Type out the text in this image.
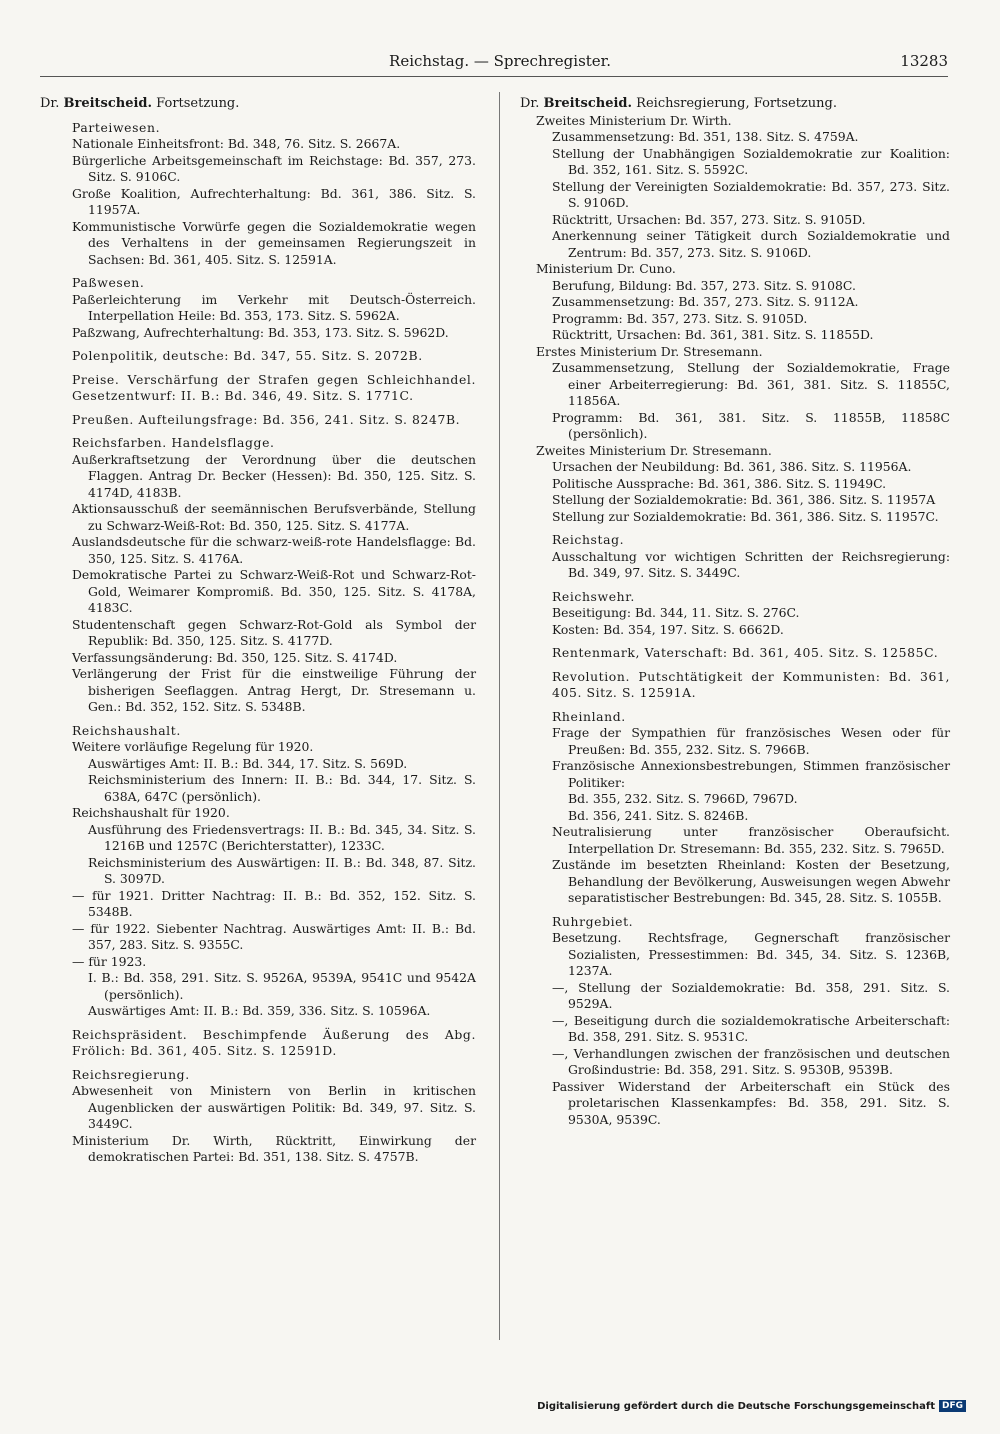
Reichstag. — Sprechregister.	13283

Dr. Breitscheid. Fortsetzung.

Parteiwesen.

Nationale Einheitsfront: Bd. 348, 76. Sitz. S. 2667A.

Bürgerliche Arbeitsgemeinschaft im Reichstage: Bd. 357, 273. Sitz. S. 9106C.

Große Koalition, Aufrechterhaltung: Bd. 361, 386. Sitz. S. 11957A.

Kommunistische Vorwürfe gegen die Sozialdemokratie wegen des Verhaltens in der gemeinsamen Regierungszeit in Sachsen: Bd. 361, 405. Sitz. S. 12591A.

Paßwesen.

Paßerleichterung im Verkehr mit Deutsch-Österreich. Interpellation Heile: Bd. 353, 173. Sitz. S. 5962A.

Paßzwang, Aufrechterhaltung: Bd. 353, 173. Sitz. S. 5962D.

Polenpolitik, deutsche: Bd. 347, 55. Sitz. S. 2072B.

Preise. Verschärfung der Strafen gegen Schleichhandel. Gesetzentwurf: II. B.: Bd. 346, 49. Sitz. S. 1771C.

Preußen. Aufteilungsfrage: Bd. 356, 241. Sitz. S. 8247B.

Reichsfarben. Handelsflagge.

Außerkraftsetzung der Verordnung über die deutschen Flaggen. Antrag Dr. Becker (Hessen): Bd. 350, 125. Sitz. S. 4174D, 4183B.

Aktionsausschuß der seemännischen Berufsverbände, Stellung zu Schwarz-Weiß-Rot: Bd. 350, 125. Sitz. S. 4177A.

Auslandsdeutsche für die schwarz-weiß-rote Handelsflagge: Bd. 350, 125. Sitz. S. 4176A.

Demokratische Partei zu Schwarz-Weiß-Rot und Schwarz-Rot-Gold, Weimarer Kompromiß. Bd. 350, 125. Sitz. S. 4178A, 4183C.

Studentenschaft gegen Schwarz-Rot-Gold als Symbol der Republik: Bd. 350, 125. Sitz. S. 4177D.

Verfassungsänderung: Bd. 350, 125. Sitz. S. 4174D.

Verlängerung der Frist für die einstweilige Führung der bisherigen Seeflaggen. Antrag Hergt, Dr. Stresemann u. Gen.: Bd. 352, 152. Sitz. S. 5348B.

Reichshaushalt.

Weitere vorläufige Regelung für 1920.

Auswärtiges Amt: II. B.: Bd. 344, 17. Sitz. S. 569D.

Reichsministerium des Innern: II. B.: Bd. 344, 17. Sitz. S. 638A, 647C (persönlich).

Reichshaushalt für 1920.

Ausführung des Friedensvertrags: II. B.: Bd. 345, 34. Sitz. S. 1216B und 1257C (Berichterstatter), 1233C.

Reichsministerium des Auswärtigen: II. B.: Bd. 348, 87. Sitz. S. 3097D.

— für 1921. Dritter Nachtrag: II. B.: Bd. 352, 152. Sitz. S. 5348B.

— für 1922. Siebenter Nachtrag. Auswärtiges Amt: II. B.: Bd. 357, 283. Sitz. S. 9355C.

— für 1923.

I. B.: Bd. 358, 291. Sitz. S. 9526A, 9539A, 9541C und 9542A (persönlich).

Auswärtiges Amt: II. B.: Bd. 359, 336. Sitz. S. 10596A.

Reichspräsident. Beschimpfende Äußerung des Abg. Frölich: Bd. 361, 405. Sitz. S. 12591D.

Reichsregierung.

Abwesenheit von Ministern von Berlin in kritischen Augenblicken der auswärtigen Politik: Bd. 349, 97. Sitz. S. 3449C.

Ministerium Dr. Wirth, Rücktritt, Einwirkung der demokratischen Partei: Bd. 351, 138. Sitz. S. 4757B.

Dr. Breitscheid. Reichsregierung, Fortsetzung.

Zweites Ministerium Dr. Wirth.

Zusammensetzung: Bd. 351, 138. Sitz. S. 4759A.

Stellung der Unabhängigen Sozialdemokratie zur Koalition: Bd. 352, 161. Sitz. S. 5592C.

Stellung der Vereinigten Sozialdemokratie: Bd. 357, 273. Sitz. S. 9106D.

Rücktritt, Ursachen: Bd. 357, 273. Sitz. S. 9105D.

Anerkennung seiner Tätigkeit durch Sozialdemokratie und Zentrum: Bd. 357, 273. Sitz. S. 9106D.

Ministerium Dr. Cuno.

Berufung, Bildung: Bd. 357, 273. Sitz. S. 9108C.

Zusammensetzung: Bd. 357, 273. Sitz. S. 9112A.

Programm: Bd. 357, 273. Sitz. S. 9105D.

Rücktritt, Ursachen: Bd. 361, 381. Sitz. S. 11855D.

Erstes Ministerium Dr. Stresemann.

Zusammensetzung, Stellung der Sozialdemokratie, Frage einer Arbeiterregierung: Bd. 361, 381. Sitz. S. 11855C, 11856A.

Programm: Bd. 361, 381. Sitz. S. 11855B, 11858C (persönlich).

Zweites Ministerium Dr. Stresemann.

Ursachen der Neubildung: Bd. 361, 386. Sitz. S. 11956A.

Politische Aussprache: Bd. 361, 386. Sitz. S. 11949C.

Stellung der Sozialdemokratie: Bd. 361, 386. Sitz. S. 11957A

Stellung zur Sozialdemokratie: Bd. 361, 386. Sitz. S. 11957C.

Reichstag.

Ausschaltung vor wichtigen Schritten der Reichsregierung: Bd. 349, 97. Sitz. S. 3449C.

Reichswehr.

Beseitigung: Bd. 344, 11. Sitz. S. 276C.

Kosten: Bd. 354, 197. Sitz. S. 6662D.

Rentenmark, Vaterschaft: Bd. 361, 405. Sitz. S. 12585C.

Revolution. Putschtätigkeit der Kommunisten: Bd. 361, 405. Sitz. S. 12591A.

Rheinland.

Frage der Sympathien für französisches Wesen oder für Preußen: Bd. 355, 232. Sitz. S. 7966B.

Französische Annexionsbestrebungen, Stimmen französischer Politiker:

Bd. 355, 232. Sitz. S. 7966D, 7967D.

Bd. 356, 241. Sitz. S. 8246B.

Neutralisierung unter französischer Oberaufsicht. Interpellation Dr. Stresemann: Bd. 355, 232. Sitz. S. 7965D.

Zustände im besetzten Rheinland: Kosten der Besetzung, Behandlung der Bevölkerung, Ausweisungen wegen Abwehr separatistischer Bestrebungen: Bd. 345, 28. Sitz. S. 1055B.

Ruhrgebiet.

Besetzung. Rechtsfrage, Gegnerschaft französischer Sozialisten, Pressestimmen: Bd. 345, 34. Sitz. S. 1236B, 1237A.

—, Stellung der Sozialdemokratie: Bd. 358, 291. Sitz. S. 9529A.

—, Beseitigung durch die sozialdemokratische Arbeiterschaft: Bd. 358, 291. Sitz. S. 9531C.

—, Verhandlungen zwischen der französischen und deutschen Großindustrie: Bd. 358, 291. Sitz. S. 9530B, 9539B.

Passiver Widerstand der Arbeiterschaft ein Stück des proletarischen Klassenkampfes: Bd. 358, 291. Sitz. S. 9530A, 9539C.

Digitalisierung gefördert durch die Deutsche Forschungsgemeinschaft DFG
